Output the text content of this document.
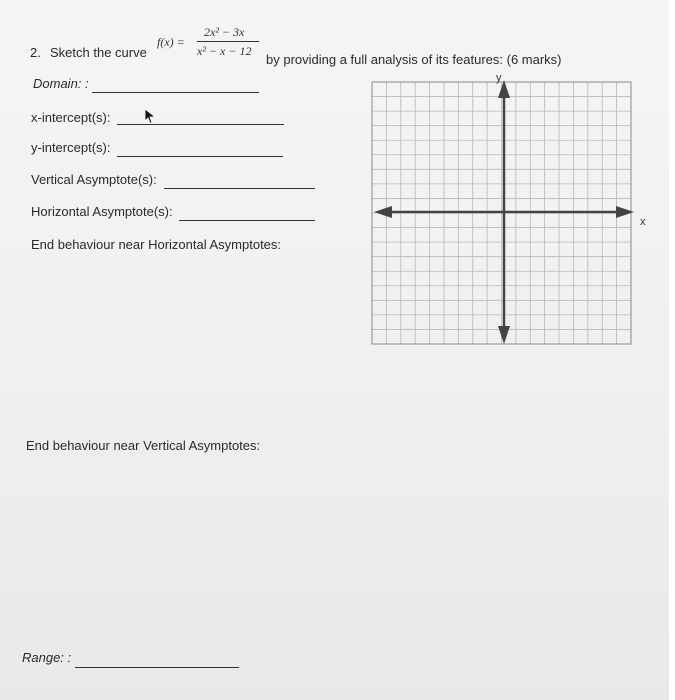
2. Sketch the curve
f(x) =
2x² − 3x
x² − x − 12
by providing a full analysis of its features: (6 marks)
Domain: :
x-intercept(s):
y-intercept(s):
Vertical Asymptote(s):
Horizontal Asymptote(s):
End behaviour near Horizontal Asymptotes:
End behaviour near Vertical Asymptotes:
Range: :
x
y
